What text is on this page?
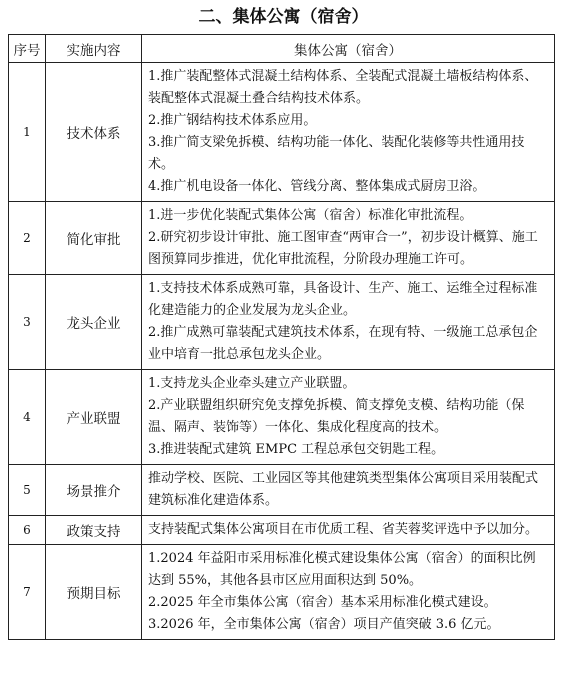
二、集体公寓（宿舍）
序号	实施内容	集体公寓（宿舍）
1	技术体系	1.推广装配整体式混凝土结构体系、全装配式混凝土墙板结构体系、装配整体式混凝土叠合结构技术体系。
2.推广钢结构技术体系应用。
3.推广简支梁免拆模、结构功能一体化、装配化装修等共性通用技术。
4.推广机电设备一体化、管线分离、整体集成式厨房卫浴。

2	简化审批	1.进一步优化装配式集体公寓（宿舍）标准化审批流程。
2.研究初步设计审批、施工图审查“两审合一”，初步设计概算、施工图预算同步推进，优化审批流程，分阶段办理施工许可。

3	龙头企业	1.支持技术体系成熟可靠，具备设计、生产、施工、运维全过程标准化建造能力的企业发展为龙头企业。
2.推广成熟可靠装配式建筑技术体系，在现有特、一级施工总承包企业中培育一批总承包龙头企业。

4	产业联盟	1.支持龙头企业牵头建立产业联盟。
2.产业联盟组织研究免支撑免拆模、简支撑免支模、结构功能（保温、隔声、装饰等）一体化、集成化程度高的技术。
3.推进装配式建筑 EMPC 工程总承包交钥匙工程。

5	场景推介	推动学校、医院、工业园区等其他建筑类型集体公寓项目采用装配式建筑标准化建造体系。

6	政策支持	支持装配式集体公寓项目在市优质工程、省芙蓉奖评选中予以加分。

7	预期目标	1.2024 年益阳市采用标准化模式建设集体公寓（宿舍）的面积比例达到 55%，其他各县市区应用面积达到 50%。
2.2025 年全市集体公寓（宿舍）基本采用标准化模式建设。
3.2026 年，全市集体公寓（宿舍）项目产值突破 3.6 亿元。
